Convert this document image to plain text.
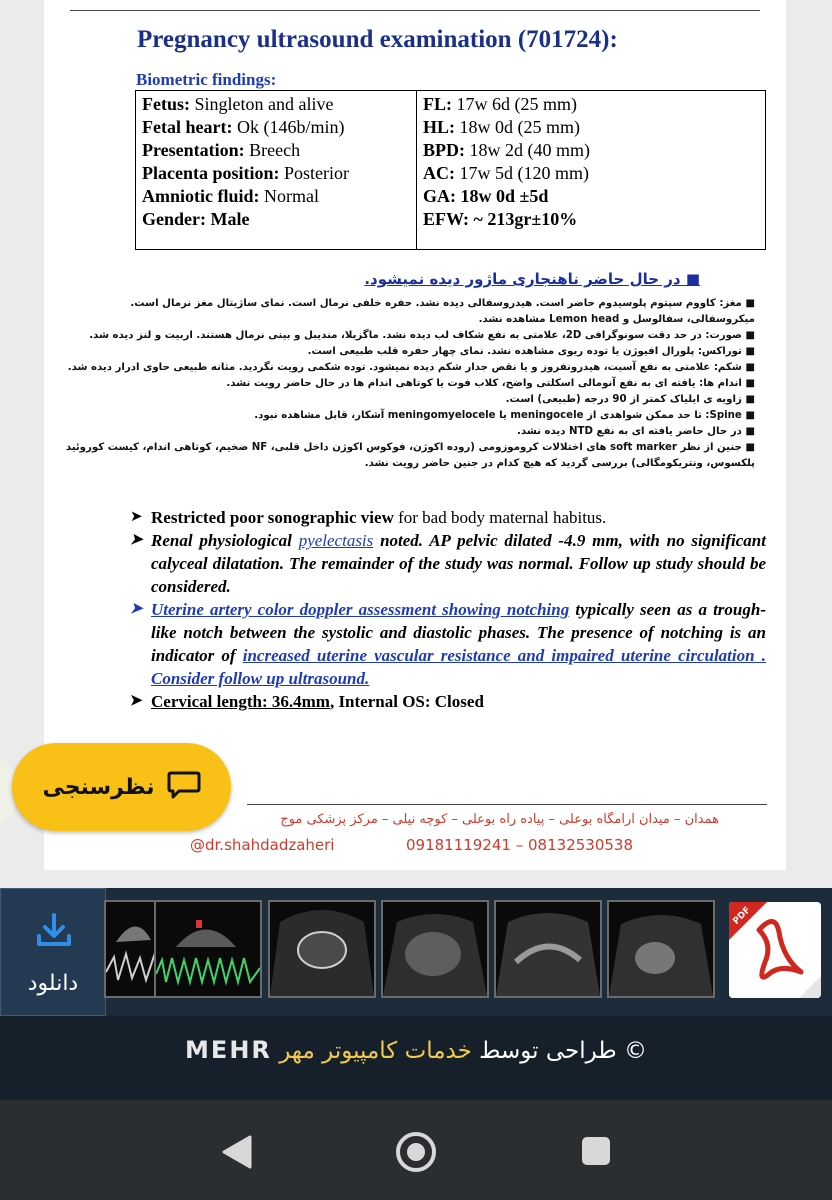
Pregnancy ultrasound examination (701724):
Biometric findings:
Fetus: Singleton and alive
Fetal heart: Ok (146b/min)
Presentation: Breech
Placenta position: Posterior
Amniotic fluid: Normal
Gender: Male
FL: 17w 6d (25 mm)
HL: 18w 0d (25 mm)
BPD: 18w 2d (40 mm)
AC: 17w 5d (120 mm)
GA: 18w 0d ±5d
EFW: ~ 213gr±10%
■ در حال حاضر ناهنجاری ماژور دیده نمیشود.
■ مغز: کاووم سپتوم پلوسیدوم حاضر است. هیدروسفالی دیده نشد. حفره خلفی نرمال است. نمای ساژیتال مغز نرمال است. میکروسفالی، سفالوسل و Lemon head مشاهده نشد.
■ صورت: در حد دقت سونوگرافی 2D، علامتی به نفع شکاف لب دیده نشد. ماگزیلا، مندیبل و بینی نرمال هستند. اربیت و لنز دیده شد.
■ توراکس: پلورال افیوژن یا توده ریوی مشاهده نشد. نمای چهار حفره قلب طبیعی است.
■ شکم: علامتی به نفع آسیت، هیدرونفروز و یا نقص جدار شکم دیده نمیشود. توده شکمی رویت نگردید. مثانه طبیعی حاوی ادرار دیده شد.
■ اندام ها: یافته ای به نفع آنومالی اسکلتی واضح، کلاب فوت یا کوتاهی اندام ها در حال حاضر رویت نشد.
■ زاویه ی ایلیاک کمتر از 90 درجه (طبیعی) است.
■ Spine: تا حد ممکن شواهدی از meningocele یا meningomyelocele آشکار، قابل مشاهده نبود.
■ در حال حاضر یافته ای به نفع NTD دیده نشد.
■ جنین از نظر soft marker های اختلالات کروموزومی (روده اکوژن، فوکوس اکوژن داخل قلبی، NF ضخیم، کوتاهی اندام، کیست کوروئید پلکسوس، ونتریکومگالی) بررسی گردید که هیچ کدام در جنین حاضر رویت نشد.
➤ Restricted poor sonographic view for bad body maternal habitus.
➤ Renal physiological pyelectasis noted. AP pelvic dilated -4.9 mm, with no significant calyceal dilatation. The remainder of the study was normal. Follow up study should be considered.
➤ Uterine artery color doppler assessment showing notching typically seen as a trough-like notch between the systolic and diastolic phases. The presence of notching is an indicator of increased uterine vascular resistance and impaired uterine circulation . Consider follow up ultrasound.
➤ Cervical length: 36.4mm, Internal OS: Closed
همدان – میدان آرامگاه بوعلی – پیاده راه بوعلی – کوچه نیلی – مرکز پزشکی موج
@dr.shahdadzaheri	09181119241 – 08132530538
نظرسنجی
دانلود
PDF
© طراحی توسط خدمات کامپیوتر مهر MEHR
